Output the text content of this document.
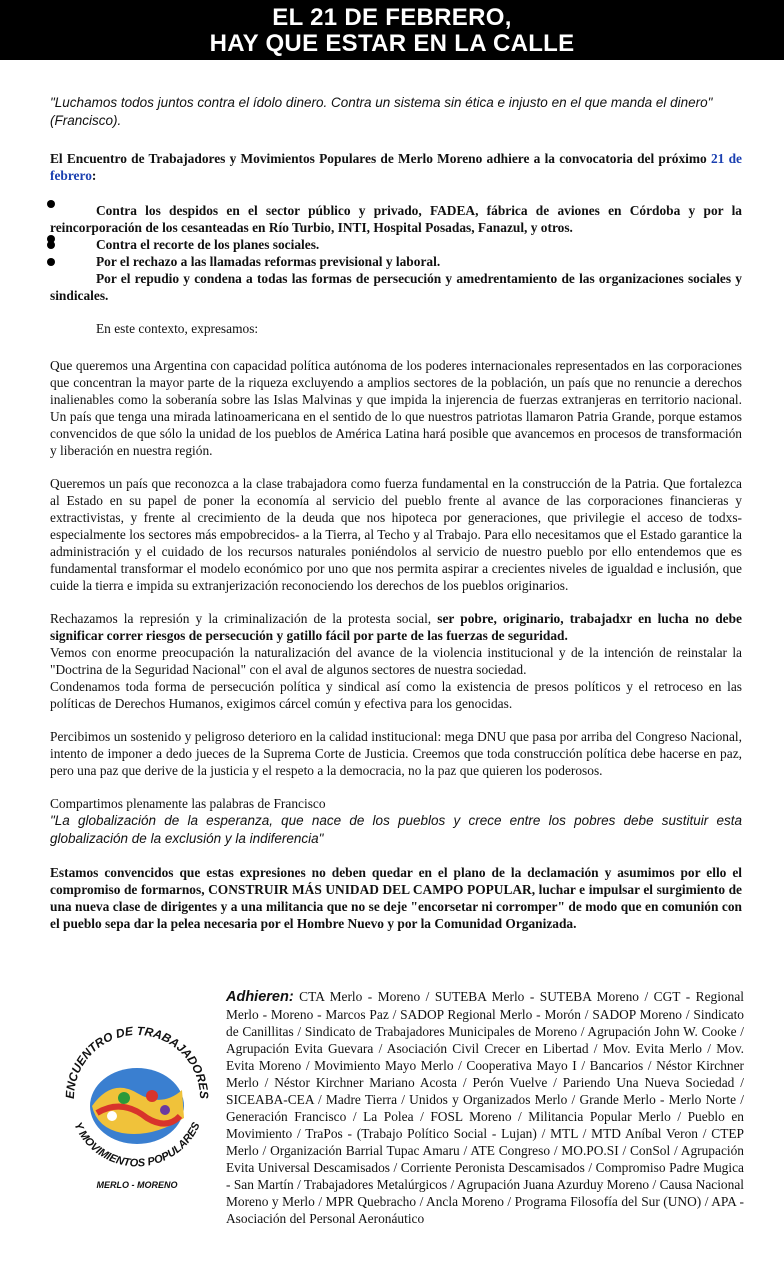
EL 21 DE FEBRERO,
HAY QUE ESTAR EN LA CALLE

"Luchamos todos juntos contra el ídolo dinero. Contra un sistema sin ética e injusto en el que manda el dinero" (Francisco).

El Encuentro de Trabajadores y Movimientos Populares de Merlo Moreno adhiere a la convocatoria del próximo 21 de febrero:

Contra los despidos en el sector público y privado, FADEA, fábrica de aviones en Córdoba y por la reincorporación de los cesanteadas en Río Turbio, INTI, Hospital Posadas, Fanazul, y otros.

Contra el recorte de los planes sociales.

Por el rechazo a las llamadas reformas previsional y laboral.

Por el repudio y condena a todas las formas de persecución y amedrentamiento de las organizaciones sociales y sindicales.

En este contexto, expresamos:

Que queremos una Argentina con capacidad política autónoma de los poderes internacionales representados en las corporaciones que concentran la mayor parte de la riqueza excluyendo a amplios sectores de la población, un país que no renuncie a derechos inalienables como la soberanía sobre las Islas Malvinas y que impida la injerencia de fuerzas extranjeras en territorio nacional. Un país que tenga una mirada latinoamericana en el sentido de lo que nuestros patriotas llamaron Patria Grande, porque estamos convencidos de que sólo la unidad de los pueblos de América Latina hará posible que avancemos en procesos de transformación y liberación en nuestra región.

Queremos un país que reconozca a la clase trabajadora como fuerza fundamental en la construcción de la Patria. Que fortalezca al Estado en su papel de poner la economía al servicio del pueblo frente al avance de las corporaciones financieras y extractivistas, y frente al crecimiento de la deuda que nos hipoteca por generaciones, que privilegie el acceso de todxs- especialmente los sectores más empobrecidos- a la Tierra, al Techo y al Trabajo. Para ello necesitamos que el Estado garantice la administración y el cuidado de los recursos naturales poniéndolos al servicio de nuestro pueblo por ello entendemos que es fundamental transformar el modelo económico por uno que nos permita aspirar a crecientes niveles de igualdad e inclusión, que cuide la tierra e impida su extranjerización reconociendo los derechos de los pueblos originarios.

Rechazamos la represión y la criminalización de la protesta social, ser pobre, originario, trabajadxr en lucha no debe significar correr riesgos de persecución y gatillo fácil por parte de las fuerzas de seguridad.

Vemos con enorme preocupación la naturalización del avance de la violencia institucional y de la intención de reinstalar la "Doctrina de la Seguridad Nacional" con el aval de algunos sectores de nuestra sociedad.

Condenamos toda forma de persecución política y sindical así como la existencia de presos políticos y el retroceso en las políticas de Derechos Humanos, exigimos cárcel común y efectiva para los genocidas.

Percibimos un sostenido y peligroso deterioro en la calidad institucional: mega DNU que pasa por arriba del Congreso Nacional, intento de imponer a dedo jueces de la Suprema Corte de Justicia. Creemos que toda construcción política debe hacerse en paz, pero una paz que derive de la justicia y el respeto a la democracia, no la paz que quieren los poderosos.

Compartimos plenamente las palabras de Francisco

"La globalización de la esperanza, que nace de los pueblos y crece entre los pobres debe sustituir esta globalización de la exclusión y la indiferencia"

Estamos convencidos que estas expresiones no deben quedar en el plano de la declamación y asumimos por ello el compromiso de formarnos, CONSTRUIR MÁS UNIDAD DEL CAMPO POPULAR, luchar e impulsar el surgimiento de una nueva clase de dirigentes y a una militancia que no se deje "encorsetar ni corromper" de modo que en comunión con el pueblo sepa dar la pelea necesaria por el Hombre Nuevo y por la Comunidad Organizada.

ENCUENTRO DE TRABAJADORES
Y MOVIMIENTOS POPULARES
MERLO - MORENO

Adhieren: CTA Merlo - Moreno / SUTEBA Merlo - SUTEBA Moreno / CGT - Regional Merlo - Moreno - Marcos Paz / SADOP Regional Merlo - Morón / SADOP Moreno / Sindicato de Canillitas / Sindicato de Trabajadores Municipales de Moreno / Agrupación John W. Cooke / Agrupación Evita Guevara / Asociación Civil Crecer en Libertad / Mov. Evita Merlo / Mov. Evita Moreno / Movimiento Mayo Merlo / Cooperativa Mayo I / Bancarios / Néstor Kirchner Merlo / Néstor Kirchner Mariano Acosta / Perón Vuelve / Pariendo Una Nueva Sociedad / SICEABA-CEA / Madre Tierra / Unidos y Organizados Merlo / Grande Merlo - Merlo Norte / Generación Francisco / La Polea / FOSL Moreno / Militancia Popular Merlo / Pueblo en Movimiento / TraPos - (Trabajo Político Social - Lujan) / MTL / MTD Aníbal Veron / CTEP Merlo / Organización Barrial Tupac Amaru / ATE Congreso / MO.PO.SI / ConSol / Agrupación Evita Universal Descamisados / Corriente Peronista Descamisados / Compromiso Padre Mugica - San Martín / Trabajadores Metalúrgicos / Agrupación Juana Azurduy Moreno / Causa Nacional Moreno y Merlo / MPR Quebracho / Ancla Moreno / Programa Filosofía del Sur (UNO) / APA - Asociación del Personal Aeronáutico
